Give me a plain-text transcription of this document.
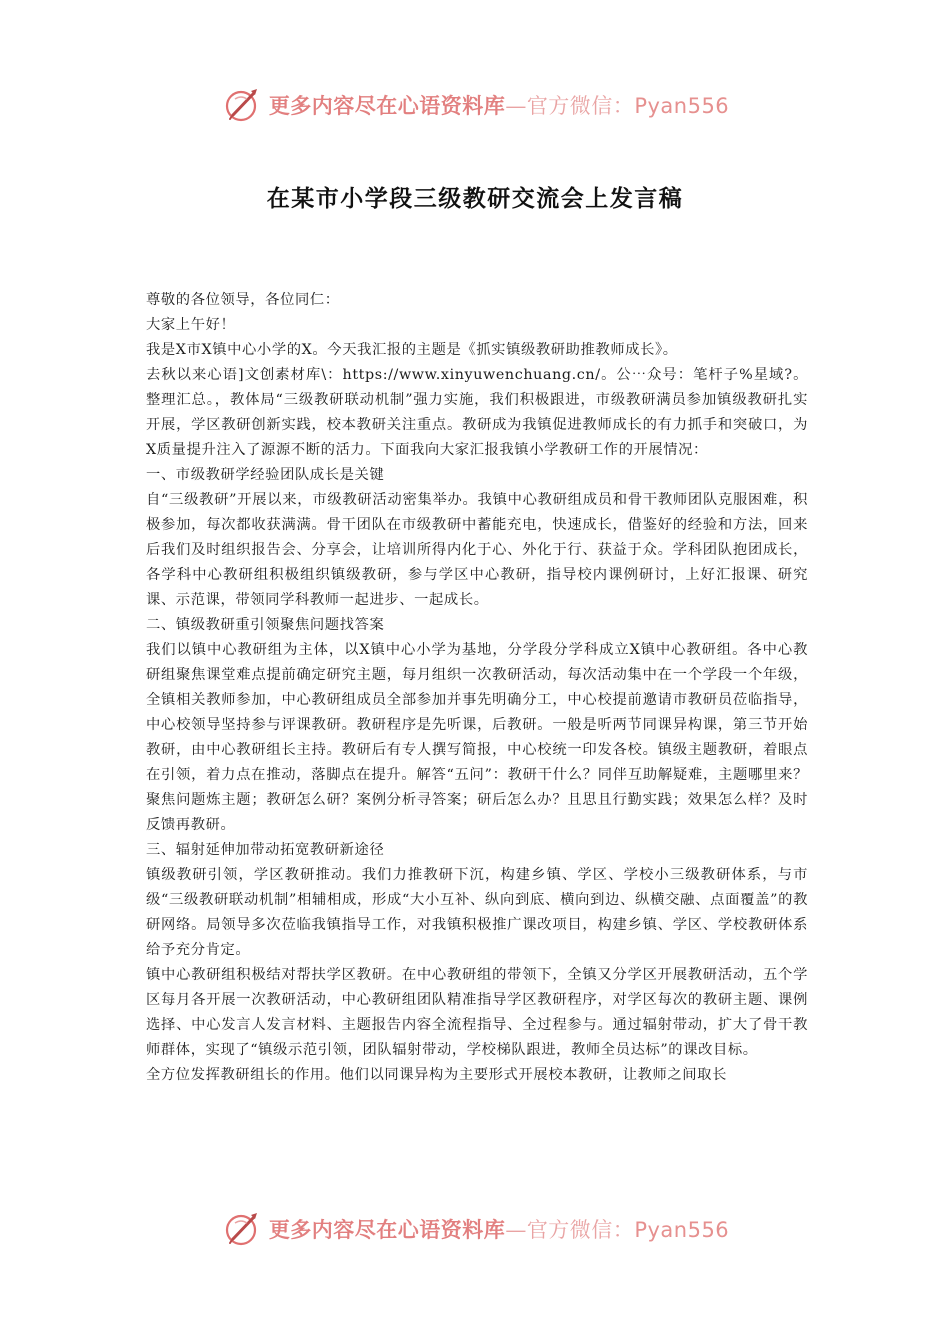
更多内容尽在心语资料库—官方微信：Pyan556
在某市小学段三级教研交流会上发言稿

尊敬的各位领导，各位同仁：

大家上午好！

我是X市X镇中心小学的X。今天我汇报的主题是《抓实镇级教研助推教师成长》。

去秋以来心语]文创素材库\：https://www.xinyuwenchuang.cn/。公⋯众号：笔杆子%星域?。整理汇总。，教体局“三级教研联动机制”强力实施，我们积极跟进，市级教研满员参加镇级教研扎实开展，学区教研创新实践，校本教研关注重点。教研成为我镇促进教师成长的有力抓手和突破口，为X质量提升注入了源源不断的活力。下面我向大家汇报我镇小学教研工作的开展情况：

一、市级教研学经验团队成长是关键

自“三级教研”开展以来，市级教研活动密集举办。我镇中心教研组成员和骨干教师团队克服困难，积极参加，每次都收获满满。骨干团队在市级教研中蓄能充电，快速成长，借鉴好的经验和方法，回来后我们及时组织报告会、分享会，让培训所得内化于心、外化于行、获益于众。学科团队抱团成长，各学科中心教研组积极组织镇级教研，参与学区中心教研，指导校内课例研讨，上好汇报课、研究课、示范课，带领同学科教师一起进步、一起成长。

二、镇级教研重引领聚焦问题找答案

我们以镇中心教研组为主体，以X镇中心小学为基地，分学段分学科成立X镇中心教研组。各中心教研组聚焦课堂难点提前确定研究主题，每月组织一次教研活动，每次活动集中在一个学段一个年级，全镇相关教师参加，中心教研组成员全部参加并事先明确分工，中心校提前邀请市教研员莅临指导，中心校领导坚持参与评课教研。教研程序是先听课，后教研。一般是听两节同课异构课，第三节开始教研，由中心教研组长主持。教研后有专人撰写简报，中心校统一印发各校。镇级主题教研，着眼点在引领，着力点在推动，落脚点在提升。解答“五问”：教研干什么？同伴互助解疑难，主题哪里来？聚焦问题炼主题；教研怎么研？案例分析寻答案；研后怎么办？且思且行勤实践；效果怎么样？及时反馈再教研。

三、辐射延伸加带动拓宽教研新途径

镇级教研引领，学区教研推动。我们力推教研下沉，构建乡镇、学区、学校小三级教研体系，与市级“三级教研联动机制”相辅相成，形成“大小互补、纵向到底、横向到边、纵横交融、点面覆盖”的教研网络。局领导多次莅临我镇指导工作，对我镇积极推广课改项目，构建乡镇、学区、学校教研体系给予充分肯定。

镇中心教研组积极结对帮扶学区教研。在中心教研组的带领下，全镇又分学区开展教研活动，五个学区每月各开展一次教研活动，中心教研组团队精准指导学区教研程序，对学区每次的教研主题、课例选择、中心发言人发言材料、主题报告内容全流程指导、全过程参与。通过辐射带动，扩大了骨干教师群体，实现了“镇级示范引领，团队辐射带动，学校梯队跟进，教师全员达标”的课改目标。

全方位发挥教研组长的作用。他们以同课异构为主要形式开展校本教研，让教师之间取长

更多内容尽在心语资料库—官方微信：Pyan556
